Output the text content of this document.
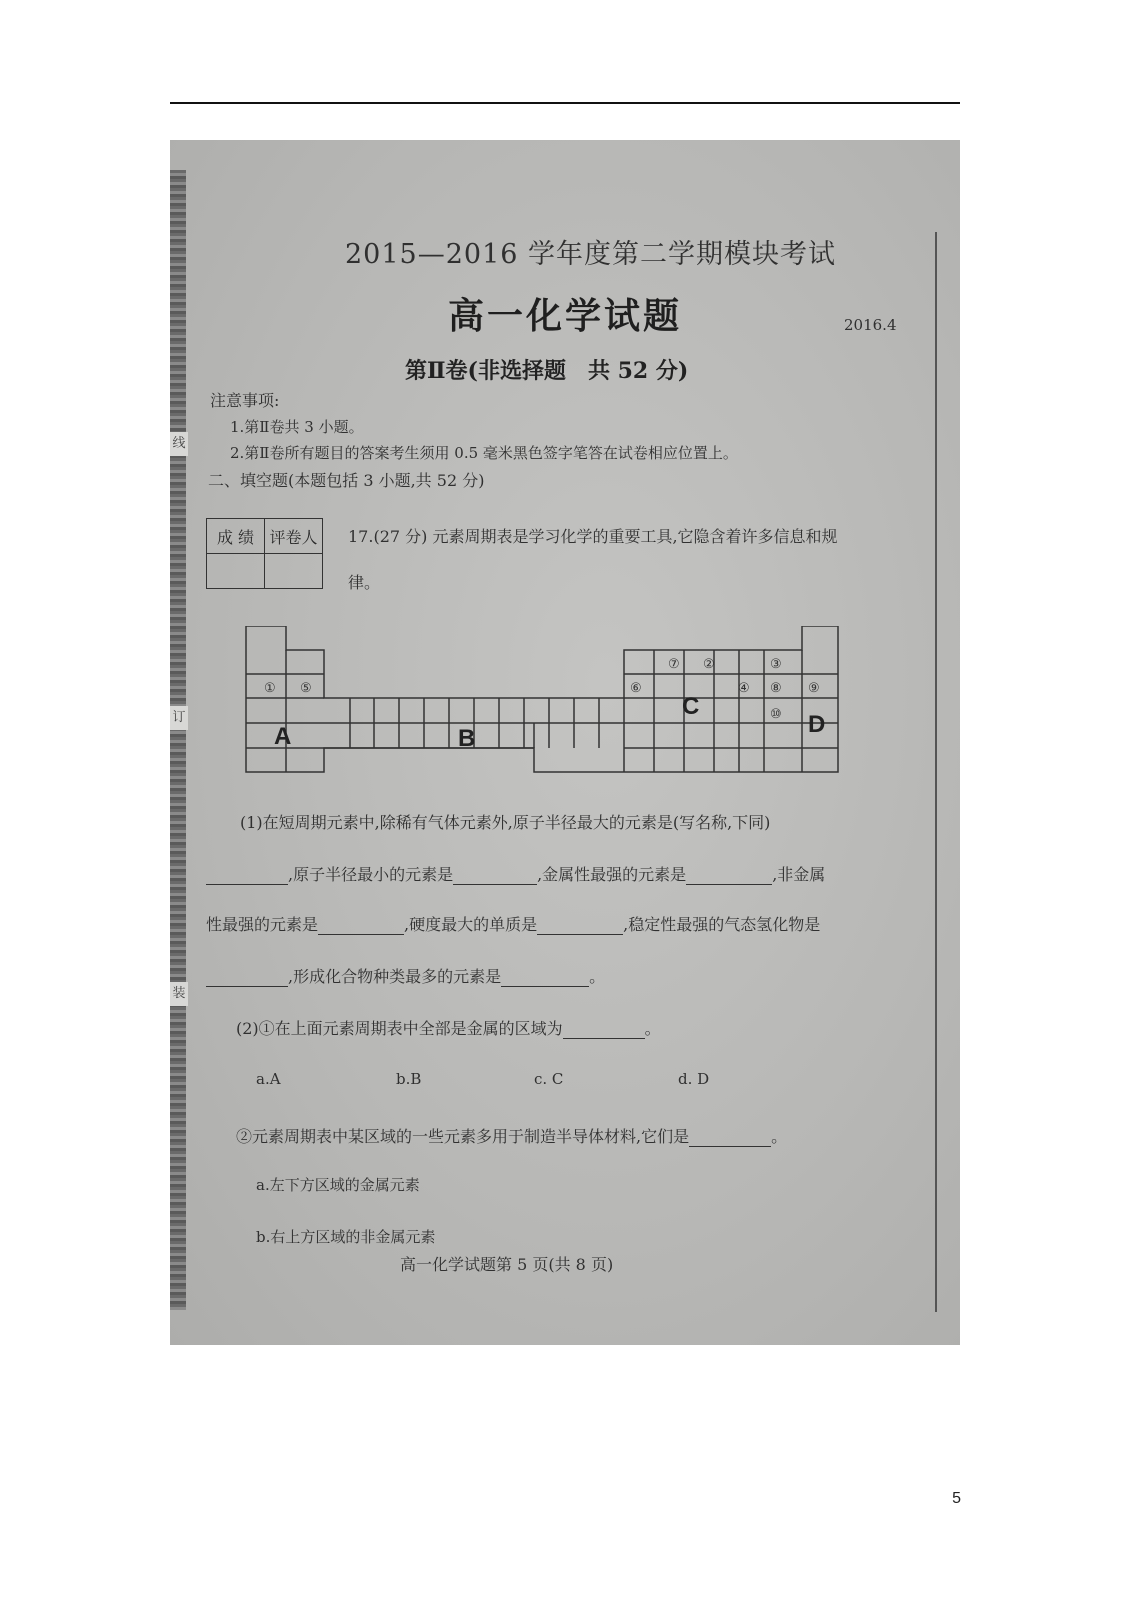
线
订
装
2015—2016 学年度第二学期模块考试
高一化学试题	2016.4
第Ⅱ卷(非选择题　共 52 分)
注意事项:
1.第Ⅱ卷共 3 小题。
2.第Ⅱ卷所有题目的答案考生须用 0.5 毫米黑色签字笔答在试卷相应位置上。
二、填空题(本题包括 3 小题,共 52 分)
成 绩	评卷人
	17.(27 分) 元素周期表是学习化学的重要工具,它隐含着许多信息和规
律。
① ⑤
⑦ ②	③
⑥	④ ⑧ ⑨
⑩
A	B
C
D
(1)在短周期元素中,除稀有气体元素外,原子半径最大的元素是(写名称,下同)
,原子半径最小的元素是	,金属性最强的元素是	,非金属
性最强的元素是	,硬度最大的单质是	,稳定性最强的气态氢化物是
,形成化合物种类最多的元素是	。
(2)①在上面元素周期表中全部是金属的区域为	。
a.A	b.B	c. C	d. D
②元素周期表中某区域的一些元素多用于制造半导体材料,它们是	。
a.左下方区域的金属元素
b.右上方区域的非金属元素
高一化学试题第 5 页(共 8 页)
5
